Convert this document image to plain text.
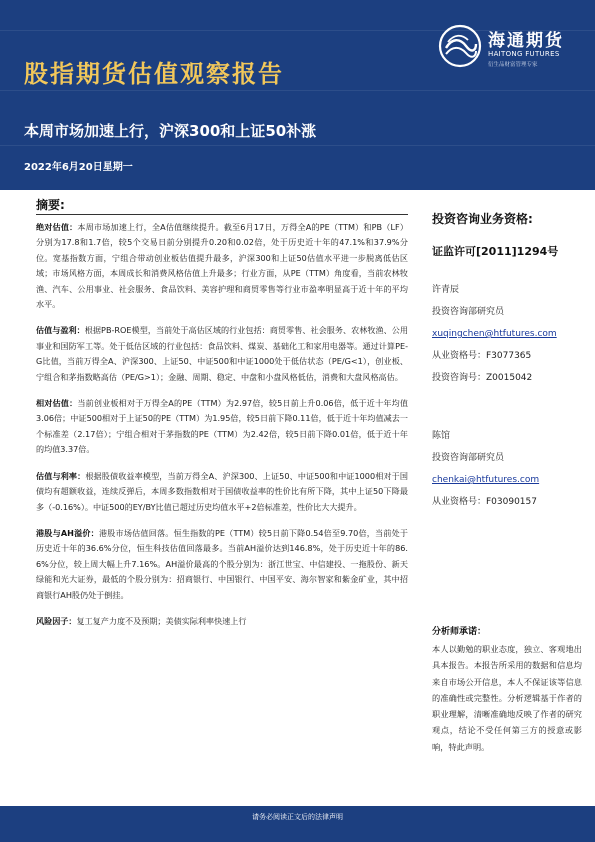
海通期货
HAITONG FUTURES
衍生品财富管理专家
股指期货估值观察报告
本周市场加速上行，沪深300和上证50补涨
2022年6月20日星期一
摘要:

绝对估值：本周市场加速上行，全A估值继续提升。截至6月17日，万得全A的PE（TTM）和PB（LF）分别为17.8和1.7倍，较5个交易日前分别提升0.20和0.02倍，处于历史近十年的47.1%和37.9%分位。宽基指数方面，宁组合带动创业板估值提升最多，沪深300和上证50估值水平进一步脱离低估区域；市场风格方面，本周成长和消费风格估值上升最多；行业方面，从PE（TTM）角度看，当前农林牧渔、汽车、公用事业、社会服务、食品饮料、美容护理和商贸零售等行业市盈率明显高于近十年的平均水平。

估值与盈利：根据PB-ROE模型，当前处于高估区域的行业包括：商贸零售、社会服务、农林牧渔、公用事业和国防军工等。处于低估区域的行业包括：食品饮料、煤炭、基础化工和家用电器等。通过计算PE-G比值，当前万得全A、沪深300、上证50、中证500和中证1000处于低估状态（PE/G<1），创业板、宁组合和茅指数略高估（PE/G>1）；金融、周期、稳定、中盘和小盘风格低估，消费和大盘风格高估。

相对估值：当前创业板相对于万得全A的PE（TTM）为2.97倍，较5日前上升0.06倍，低于近十年均值3.06倍；中证500相对于上证50的PE（TTM）为1.95倍，较5日前下降0.11倍，低于近十年均值减去一个标准差（2.17倍）；宁组合相对于茅指数的PE（TTM）为2.42倍，较5日前下降0.01倍，低于近十年的均值3.37倍。

估值与利率：根据股债收益率模型，当前万得全A、沪深300、上证50、中证500和中证1000相对于国债均有超额收益，连续反弹后，本周多数指数相对于国债收益率的性价比有所下降，其中上证50下降最多（-0.16%）。中证500的EY/BY比值已超过历史均值水平+2倍标准差，性价比大大提升。

港股与AH溢价：港股市场估值回落。恒生指数的PE（TTM）较5日前下降0.54倍至9.70倍，当前处于历史近十年的36.6%分位，恒生科技估值回落最多。当前AH溢价达到146.8%，处于历史近十年的86.6%分位，较上周大幅上升7.16%。AH溢价最高的个股分别为：浙江世宝、中信建投、一拖股份、新天绿能和光大证券，最低的个股分别为：招商银行、中国银行、中国平安、海尔智家和紫金矿业，其中招商银行AH股仍处于倒挂。

风险因子：复工复产力度不及预期；美债实际利率快速上行

投资咨询业务资格:
证监许可[2011]1294号
许青辰
投资咨询部研究员
xuqingchen@htfutures.com
从业资格号：F3077365
投资咨询号：Z0015042
陈馆
投资咨询部研究员
chenkai@htfutures.com
从业资格号：F03090157
分析师承诺：
本人以勤勉的职业态度，独立、客观地出具本报告。本报告所采用的数据和信息均来自市场公开信息，本人不保证该等信息的准确性或完整性。分析逻辑基于作者的职业理解，清晰准确地反映了作者的研究观点，结论不受任何第三方的授意或影响，特此声明。
请务必阅读正文后的法律声明
